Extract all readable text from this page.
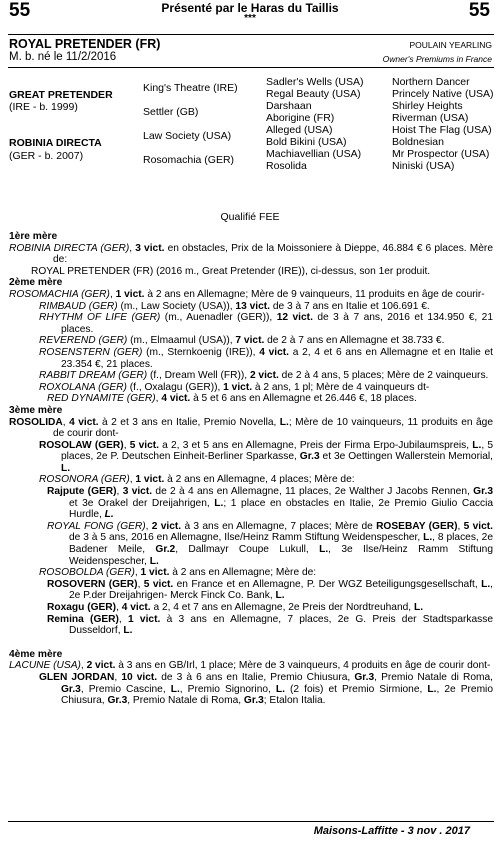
55	55
Présenté par le Haras du Taillis
***
ROYAL PRETENDER (FR)
M. b. né le 11/2/2016
POULAIN YEARLING
Owner's Premiums in France
GREAT PRETENDER
(IRE - b. 1999)
ROBINIA DIRECTA
(GER - b. 2007)
King's Theatre (IRE)
Settler (GB)
Law Society (USA)
Rosomachia (GER)
Sadler's Wells (USA)
Regal Beauty (USA)
Darshaan
Aborigine (FR)
Alleged (USA)
Bold Bikini (USA)
Machiavellian (USA)
Rosolida
Northern Dancer
Princely Native (USA)
Shirley Heights
Riverman (USA)
Hoist The Flag (USA)
Boldnesian
Mr Prospector (USA)
Niniski (USA)
Qualifié FEE

1ère mère

ROBINIA DIRECTA (GER), 3 vict. en obstacles, Prix de la Moissoniere à Dieppe, 46.884 € 6 places. Mère de:

ROYAL PRETENDER (FR) (2016 m., Great Pretender (IRE)), ci-dessus, son 1er produit.

2ème mère

ROSOMACHIA (GER), 1 vict. à 2 ans en Allemagne; Mère de 9 vainqueurs, 11 produits en âge de courir-

RIMBAUD (GER) (m., Law Society (USA)), 13 vict. de 3 à 7 ans en Italie et 106.691 €.

RHYTHM OF LIFE (GER) (m., Auenadler (GER)), 12 vict. de 3 à 7 ans, 2016 et 134.950 €, 21 places.

REVEREND (GER) (m., Elmaamul (USA)), 7 vict. de 2 à 7 ans en Allemagne et 38.733 €.

ROSENSTERN (GER) (m., Sternkoenig (IRE)), 4 vict. a 2, 4 et 6 ans en Allemagne et en Italie et 23.354 €, 21 places.

RABBIT DREAM (GER) (f., Dream Well (FR)), 2 vict. de 2 à 4 ans, 5 places; Mère de 2 vainqueurs.

ROXOLANA (GER) (f., Oxalagu (GER)), 1 vict. à 2 ans, 1 pl; Mère de 4 vainqueurs dt-

RED DYNAMITE (GER), 4 vict. à 5 et 6 ans en Allemagne et 26.446 €, 18 places.

3ème mère

ROSOLIDA, 4 vict. à 2 et 3 ans en Italie, Premio Novella, L.; Mère de 10 vainqueurs, 11 produits en âge de courir dont-

ROSOLAW (GER), 5 vict. a 2, 3 et 5 ans en Allemagne, Preis der Firma Erpo-Jubilaumspreis, L., 5 places, 2e P. Deutschen Einheit-Berliner Sparkasse, Gr.3 et 3e Oettingen Wallerstein Memorial, L.

ROSONORA (GER), 1 vict. à 2 ans en Allemagne, 4 places; Mère de:

Rajpute (GER), 3 vict. de 2 à 4 ans en Allemagne, 11 places, 2e Walther J Jacobs Rennen, Gr.3 et 3e Orakel der Dreijahrigen, L.; 1 place en obstacles en Italie, 2e Premio Giulio Caccia Hurdle, L.

ROYAL FONG (GER), 2 vict. à 3 ans en Allemagne, 7 places; Mère de ROSEBAY (GER), 5 vict. de 3 à 5 ans, 2016 en Allemagne, Ilse/Heinz Ramm Stiftung Weidenspescher, L., 8 places, 2e Badener Meile, Gr.2, Dallmayr Coupe Lukull, L., 3e Ilse/Heinz Ramm Stiftung Weidenspescher, L.

ROSOBOLDA (GER), 1 vict. à 2 ans en Allemagne; Mère de:

ROSOVERN (GER), 5 vict. en France et en Allemagne, P. Der WGZ Beteiligungsgesellschaft, L., 2e P.der Dreijahrigen- Merck Finck Co. Bank, L.

Roxagu (GER), 4 vict. a 2, 4 et 7 ans en Allemagne, 2e Preis der Nordtreuhand, L.

Remina (GER), 1 vict. à 3 ans en Allemagne, 7 places, 2e G. Preis der Stadtsparkasse Dusseldorf, L.

4ème mère

LACUNE (USA), 2 vict. à 3 ans en GB/Irl, 1 place; Mère de 3 vainqueurs, 4 produits en âge de courir dont-

GLEN JORDAN, 10 vict. de 3 à 6 ans en Italie, Premio Chiusura, Gr.3, Premio Natale di Roma, Gr.3, Premio Cascine, L., Premio Signorino, L. (2 fois) et Premio Sirmione, L., 2e Premio Chiusura, Gr.3, Premio Natale di Roma, Gr.3; Etalon Italia.

Maisons-Laffitte - 3 nov . 2017
